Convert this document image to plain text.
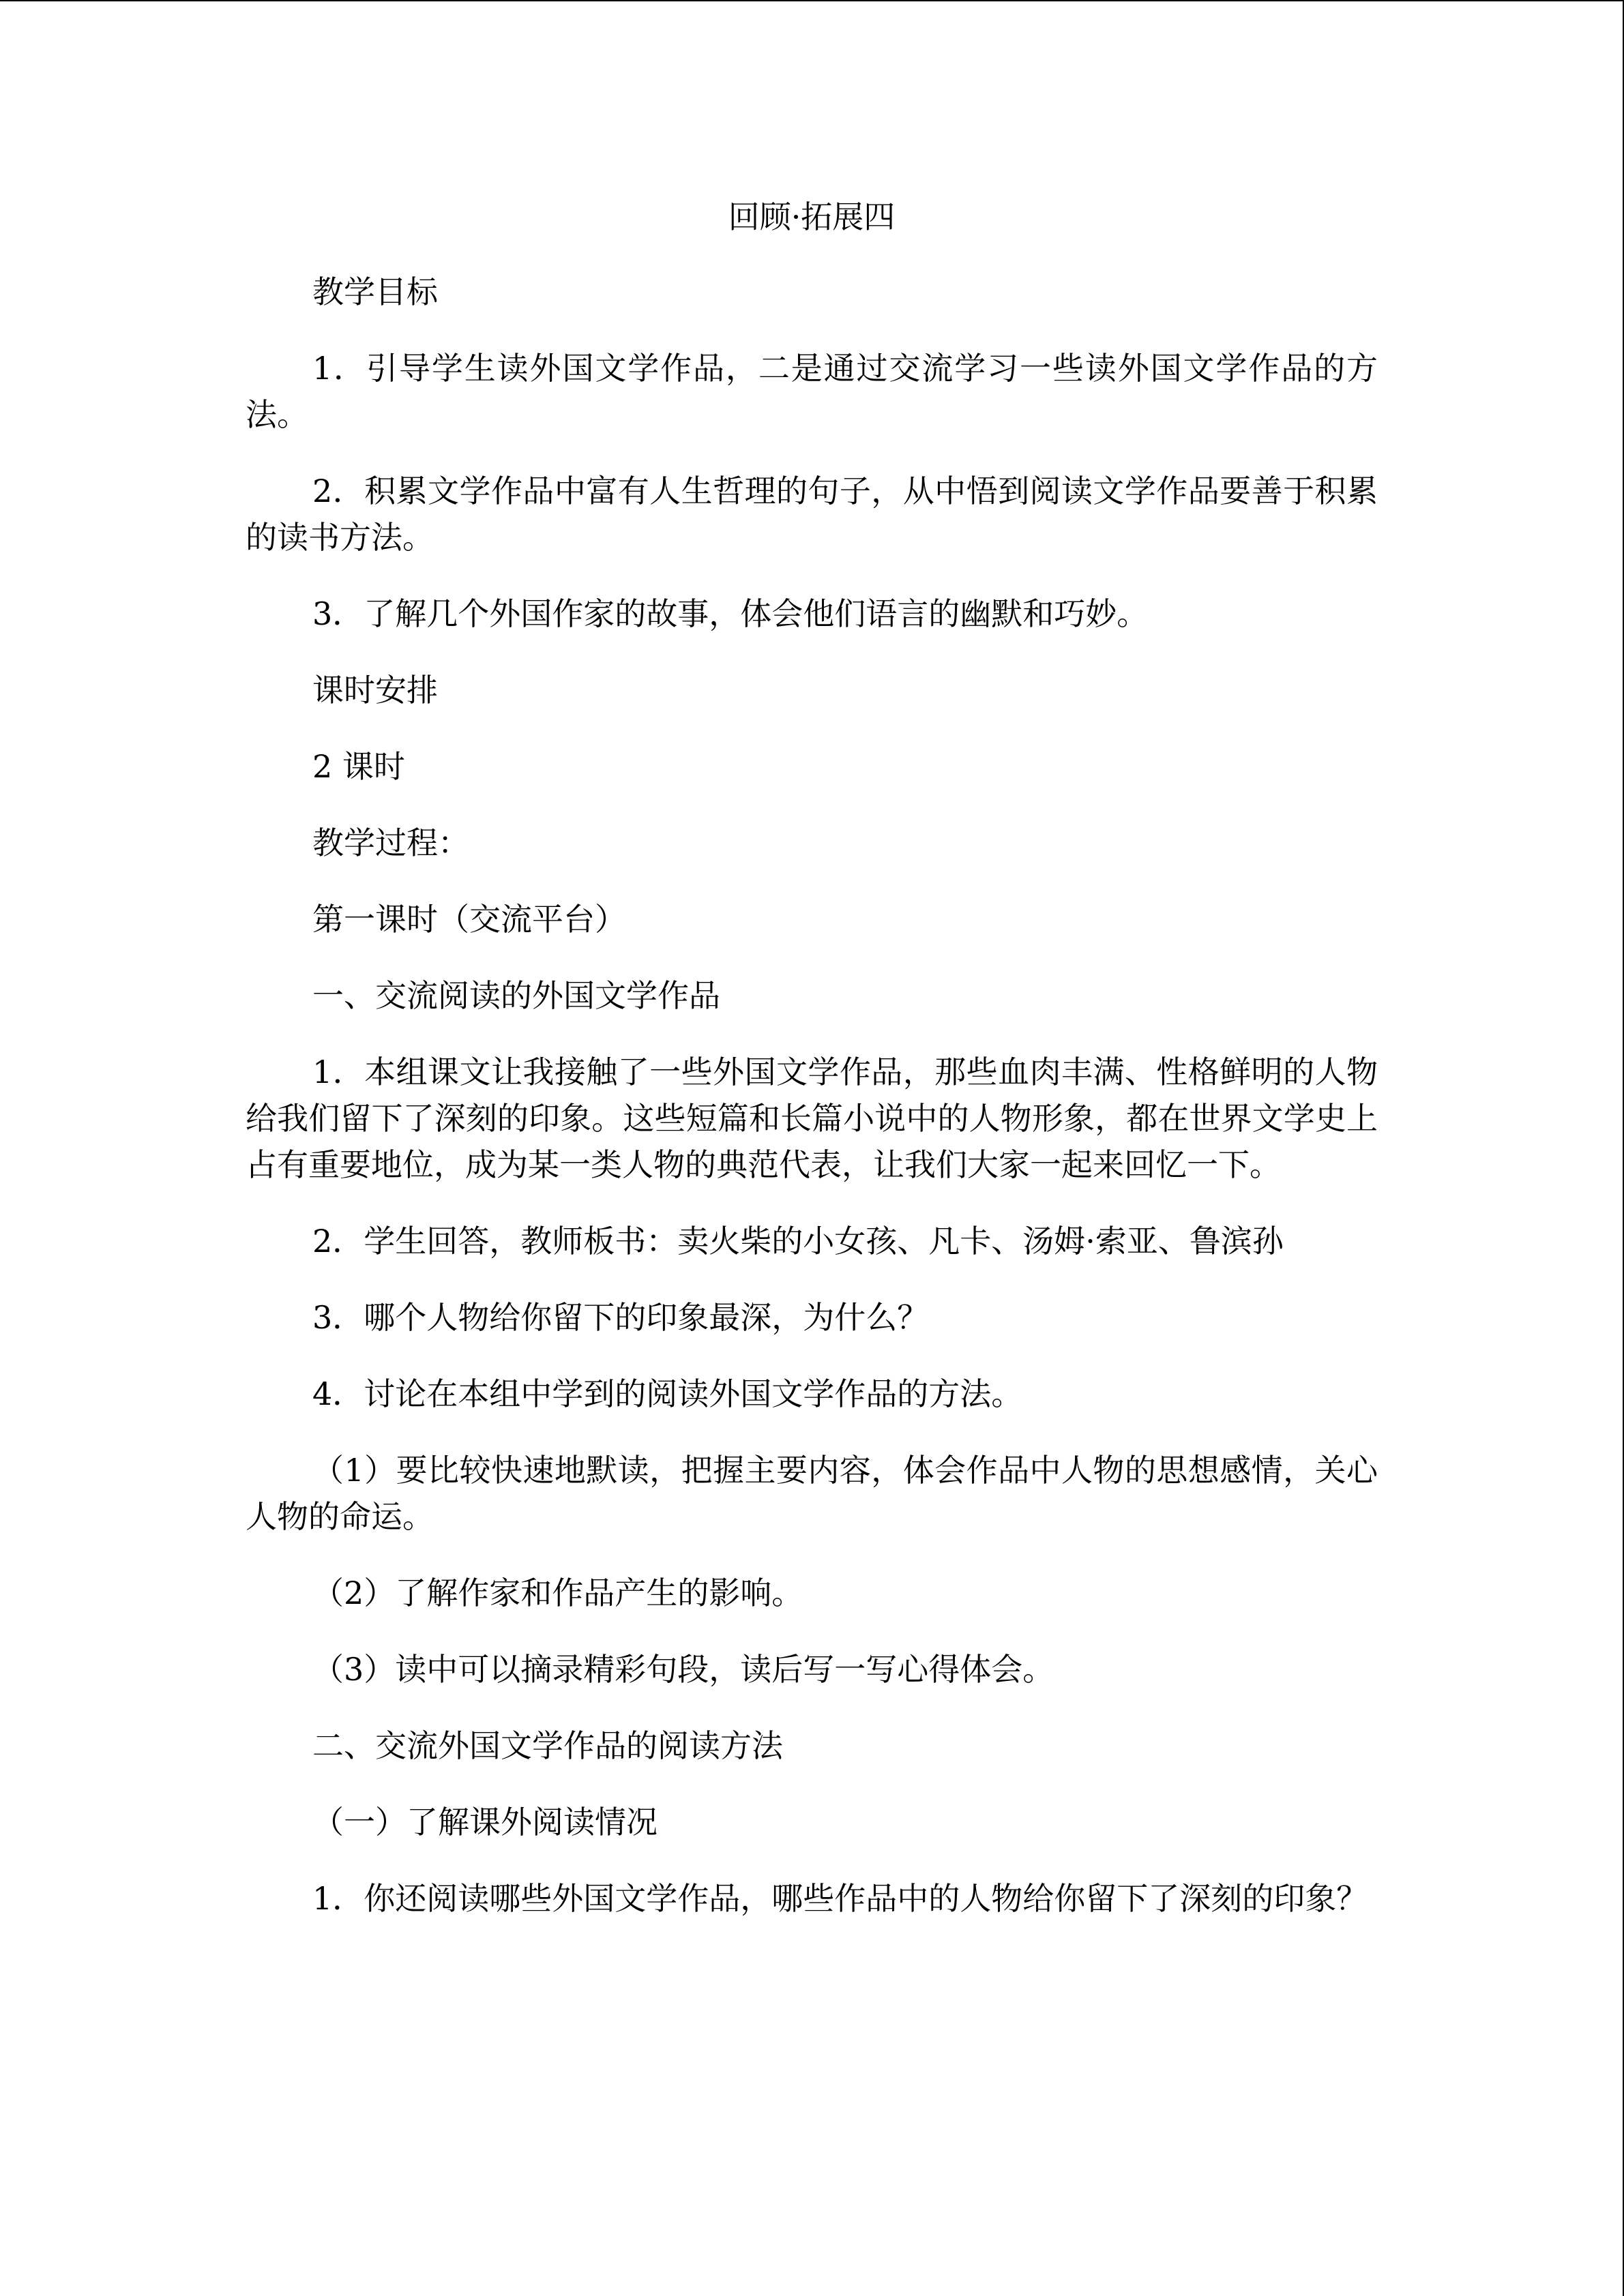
回顾·拓展四

教学目标

1．引导学生读外国文学作品，二是通过交流学习一些读外国文学作品的方法。

2．积累文学作品中富有人生哲理的句子，从中悟到阅读文学作品要善于积累的读书方法。

3．了解几个外国作家的故事，体会他们语言的幽默和巧妙。

课时安排

2 课时

教学过程：

第一课时（交流平台）

一、交流阅读的外国文学作品

1．本组课文让我接触了一些外国文学作品，那些血肉丰满、性格鲜明的人物给我们留下了深刻的印象。这些短篇和长篇小说中的人物形象，都在世界文学史上占有重要地位，成为某一类人物的典范代表，让我们大家一起来回忆一下。

2．学生回答，教师板书：卖火柴的小女孩、凡卡、汤姆·索亚、鲁滨孙

3．哪个人物给你留下的印象最深，为什么？

4．讨论在本组中学到的阅读外国文学作品的方法。

（1）要比较快速地默读，把握主要内容，体会作品中人物的思想感情，关心人物的命运。

（2）了解作家和作品产生的影响。

（3）读中可以摘录精彩句段，读后写一写心得体会。

二、交流外国文学作品的阅读方法

（一）了解课外阅读情况

1．你还阅读哪些外国文学作品，哪些作品中的人物给你留下了深刻的印象？
